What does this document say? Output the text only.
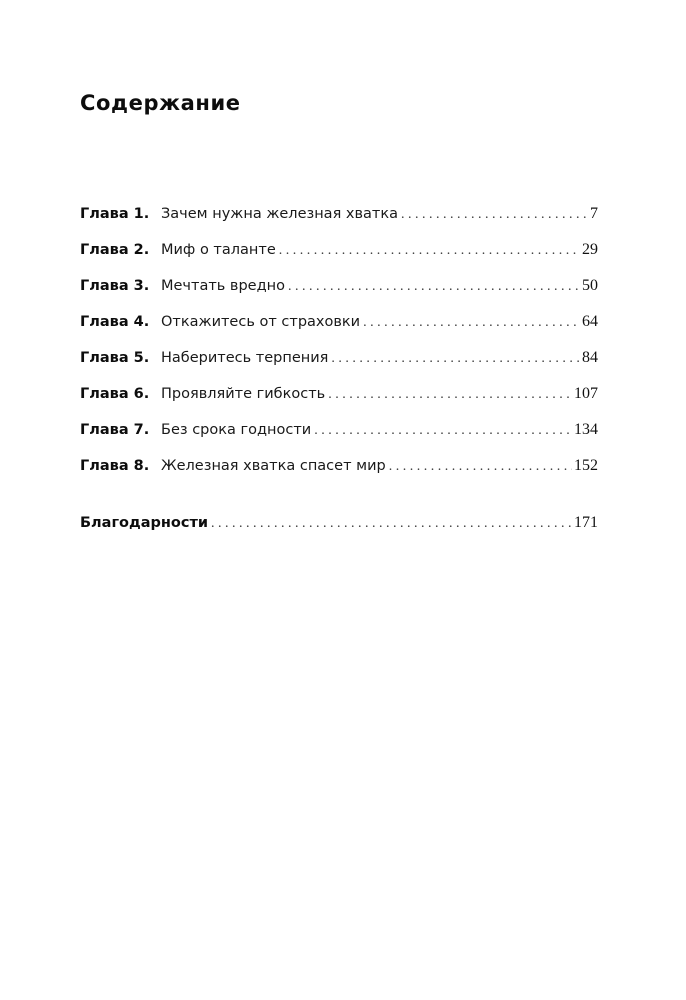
Содержание
Глава 1. Зачем нужна железная хватка . . .	7
Глава 2. Миф о таланте . . .	29
Глава 3. Мечтать вредно . . .	50
Глава 4. Откажитесь от страховки . . .	64
Глава 5. Наберитесь терпения . . .	84
Глава 6. Проявляйте гибкость . . .	107
Глава 7. Без срока годности . . .	134
Глава 8. Железная хватка спасет мир . . .	152
Благодарности . . .	171
